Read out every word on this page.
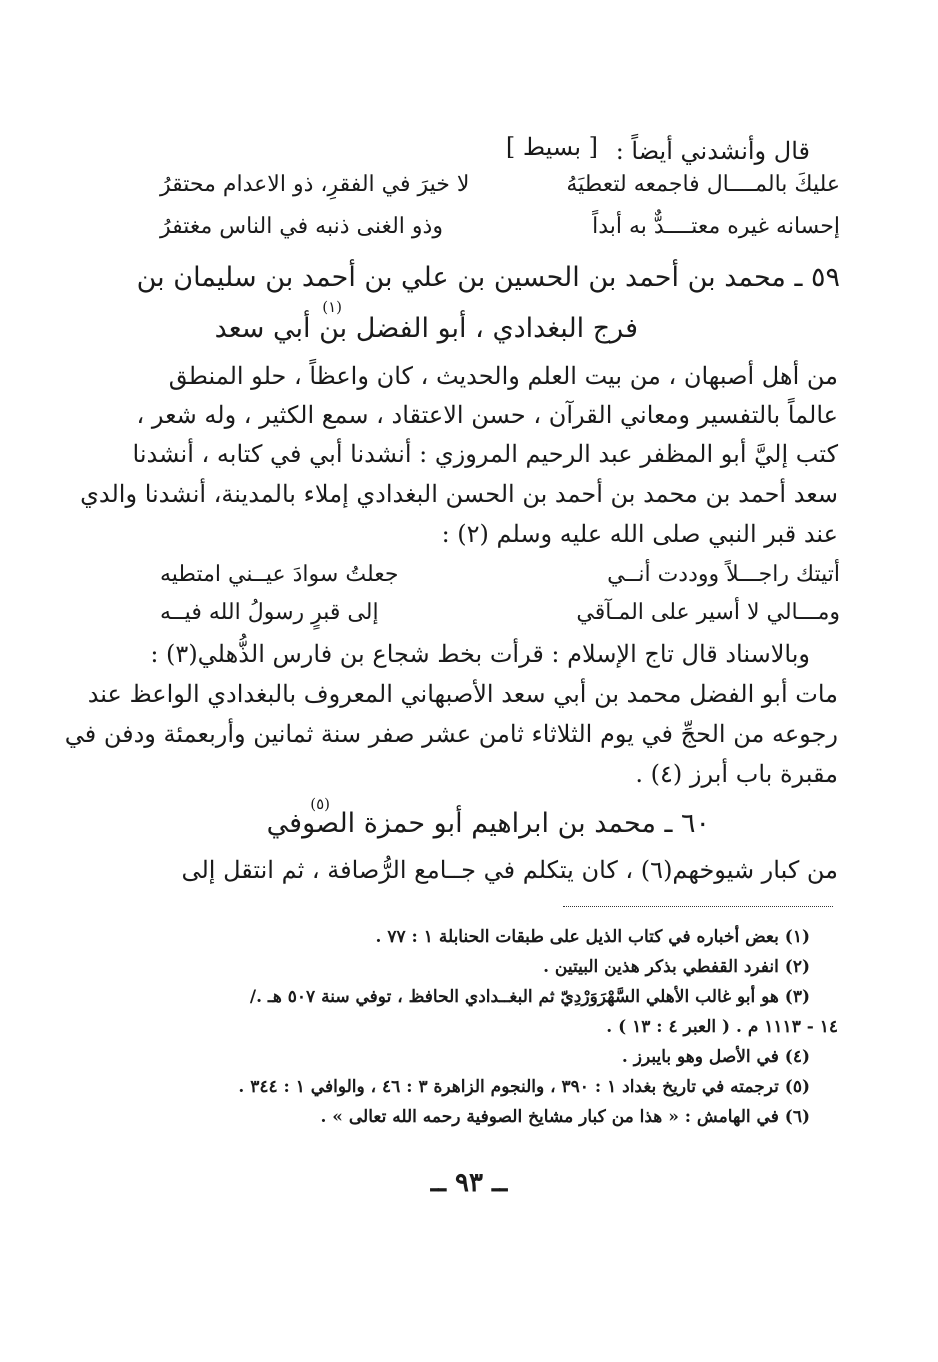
قال وأنشدني أيضاً :
[ بسيط ]
عليكَ بالمــــال فاجمعه لتعطيَهُ
لا خيرَ في الفقرِ، ذو الاعدام محتقرُ
إحسانه غيره معتــــدٌّ به أبداً
وذو الغنى ذنبه في الناس مغتفرُ
٥٩ ـ محمد بن أحمد بن الحسين بن علي بن أحمد بن سليمان بن
فرج البغدادي ، أبو الفضل بن أبي سعد
(١)
من أهل أصبهان ، من بيت العلم والحديث ، كان واعظاً ، حلو المنطق
عالماً بالتفسير ومعاني القرآن ، حسن الاعتقاد ، سمع الكثير ، وله شعر ،
كتب إليَّ أبو المظفر عبد الرحيم المروزي : أنشدنا أبي في كتابه ، أنشدنا
سعد أحمد بن محمد بن أحمد بن الحسن البغدادي إملاء بالمدينة، أنشدنا والدي
عند قبر النبي صلى الله عليه وسلم (٢) :
أتيتك راجـــلاً ووددت أنــي
جعلتُ سوادَ عيــني امتطيه
ومـــالي لا أسير على المـآقي
إلى قبرٍ رسولُ الله فيــه
وبالاسناد قال تاج الإسلام : قرأت بخط شجاع بن فارس الذُّهلي(٣) :
مات أبو الفضل محمد بن أبي سعد الأصبهاني المعروف بالبغدادي الواعظ عند
رجوعه من الحجِّ في يوم الثلاثاء ثامن عشر صفر سنة ثمانين وأربعمئة ودفن في
مقبرة باب أبرز (٤) .
٦٠ ـ محمد بن ابراهيم أبو حمزة الصوفي
(٥)
من كبار شيوخهم(٦) ، كان يتكلم في جــامع الرُّصافة ، ثم انتقل إلى
(١) بعض أخباره في كتاب الذيل على طبقات الحنابلة ١ : ٧٧ .
(٢) انفرد القفطي بذكر هذين البيتين .
(٣) هو أبو غالب الأهلي السَّهْرَوَرْدِيّ ثم البغــدادي الحافظ ، توفي سنة ٥٠٧ هـ ./
١٤ - ١١١٣ م . ( العبر ٤ : ١٣ ) .
(٤) في الأصل وهو بايبرز .
(٥) ترجمته في تاريخ بغداد ١ : ٣٩٠ ، والنجوم الزاهرة ٣ : ٤٦ ، والوافي ١ : ٣٤٤ .
(٦) في الهامش : « هذا من كبار مشايخ الصوفية رحمه الله تعالى » .
ــ ٩٣ ــ
